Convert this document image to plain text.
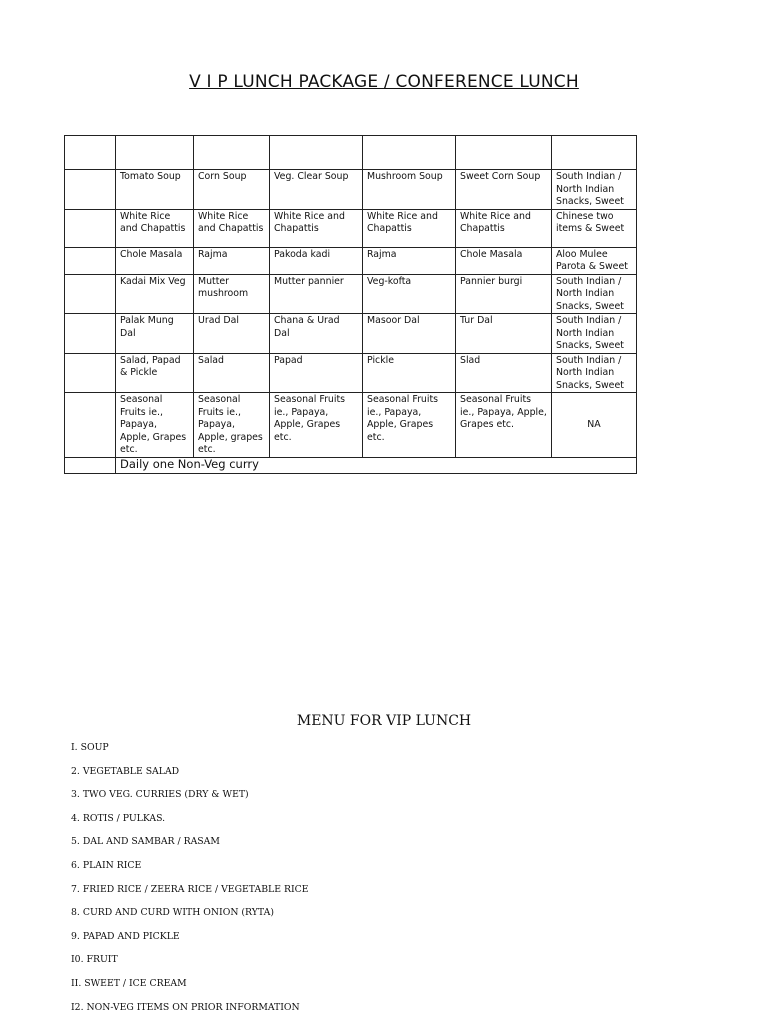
V I P LUNCH PACKAGE / CONFERENCE LUNCH

	Tomato Soup	Corn Soup	Veg. Clear Soup	Mushroom Soup	Sweet Corn Soup	South Indian / North Indian Snacks, Sweet
	White Rice and Chapattis	White Rice and Chapattis	White Rice and Chapattis	White Rice and Chapattis	White Rice and Chapattis	Chinese two items & Sweet
	Chole Masala	Rajma	Pakoda kadi	Rajma	Chole Masala	Aloo Mulee Parota & Sweet
	Kadai Mix Veg	Mutter mushroom	Mutter pannier	Veg-kofta	Pannier burgi	South Indian / North Indian Snacks, Sweet
	Palak Mung Dal	Urad Dal	Chana & Urad Dal	Masoor Dal	Tur Dal	South Indian / North Indian Snacks, Sweet
	Salad, Papad & Pickle	Salad	Papad	Pickle	Slad	South Indian / North Indian Snacks, Sweet
	Seasonal Fruits ie., Papaya, Apple, Grapes etc.	Seasonal Fruits ie., Papaya, Apple, grapes etc.	Seasonal Fruits ie., Papaya, Apple, Grapes etc.	Seasonal Fruits ie., Papaya, Apple, Grapes etc.	Seasonal Fruits ie., Papaya, Apple, Grapes etc.	NA
	Daily one Non-Veg curry					
MENU FOR VIP LUNCH
I. SOUP
2. VEGETABLE SALAD
3. TWO VEG. CURRIES (DRY & WET)
4. ROTIS / PULKAS.
5. DAL AND SAMBAR / RASAM
6. PLAIN RICE
7. FRIED RICE / ZEERA RICE / VEGETABLE RICE
8. CURD AND CURD WITH ONION (RYTA)
9. PAPAD AND PICKLE
I0. FRUIT
II. SWEET / ICE CREAM
I2. NON-VEG ITEMS ON PRIOR INFORMATION
